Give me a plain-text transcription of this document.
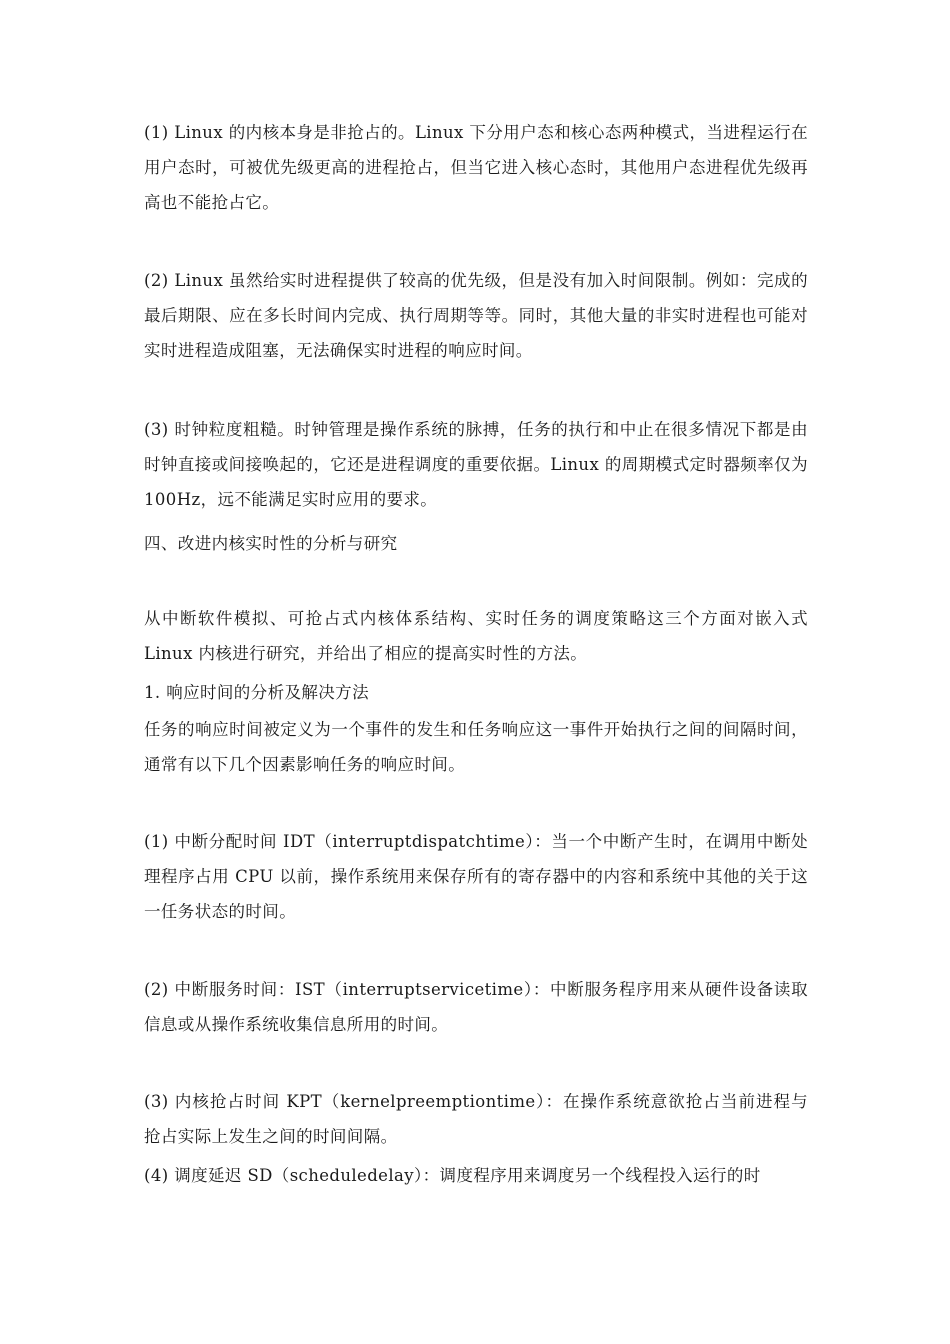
(1) Linux 的内核本身是非抢占的。Linux 下分用户态和核心态两种模式，当进程运行在用户态时，可被优先级更高的进程抢占，但当它进入核心态时，其他用户态进程优先级再高也不能抢占它。

(2) Linux 虽然给实时进程提供了较高的优先级，但是没有加入时间限制。例如：完成的最后期限、应在多长时间内完成、执行周期等等。同时，其他大量的非实时进程也可能对实时进程造成阻塞，无法确保实时进程的响应时间。

(3) 时钟粒度粗糙。时钟管理是操作系统的脉搏，任务的执行和中止在很多情况下都是由时钟直接或间接唤起的，它还是进程调度的重要依据。Linux 的周期模式定时器频率仅为 100Hz，远不能满足实时应用的要求。

四、改进内核实时性的分析与研究

从中断软件模拟、可抢占式内核体系结构、实时任务的调度策略这三个方面对嵌入式 Linux 内核进行研究，并给出了相应的提高实时性的方法。

1. 响应时间的分析及解决方法

任务的响应时间被定义为一个事件的发生和任务响应这一事件开始执行之间的间隔时间，通常有以下几个因素影响任务的响应时间。

(1) 中断分配时间 IDT（interruptdispatchtime）：当一个中断产生时，在调用中断处理程序占用 CPU 以前，操作系统用来保存所有的寄存器中的内容和系统中其他的关于这一任务状态的时间。

(2) 中断服务时间：IST（interruptservicetime）：中断服务程序用来从硬件设备读取信息或从操作系统收集信息所用的时间。

(3) 内核抢占时间 KPT（kernelpreemptiontime）：在操作系统意欲抢占当前进程与抢占实际上发生之间的时间间隔。

(4) 调度延迟 SD（scheduledelay）：调度程序用来调度另一个线程投入运行的时
